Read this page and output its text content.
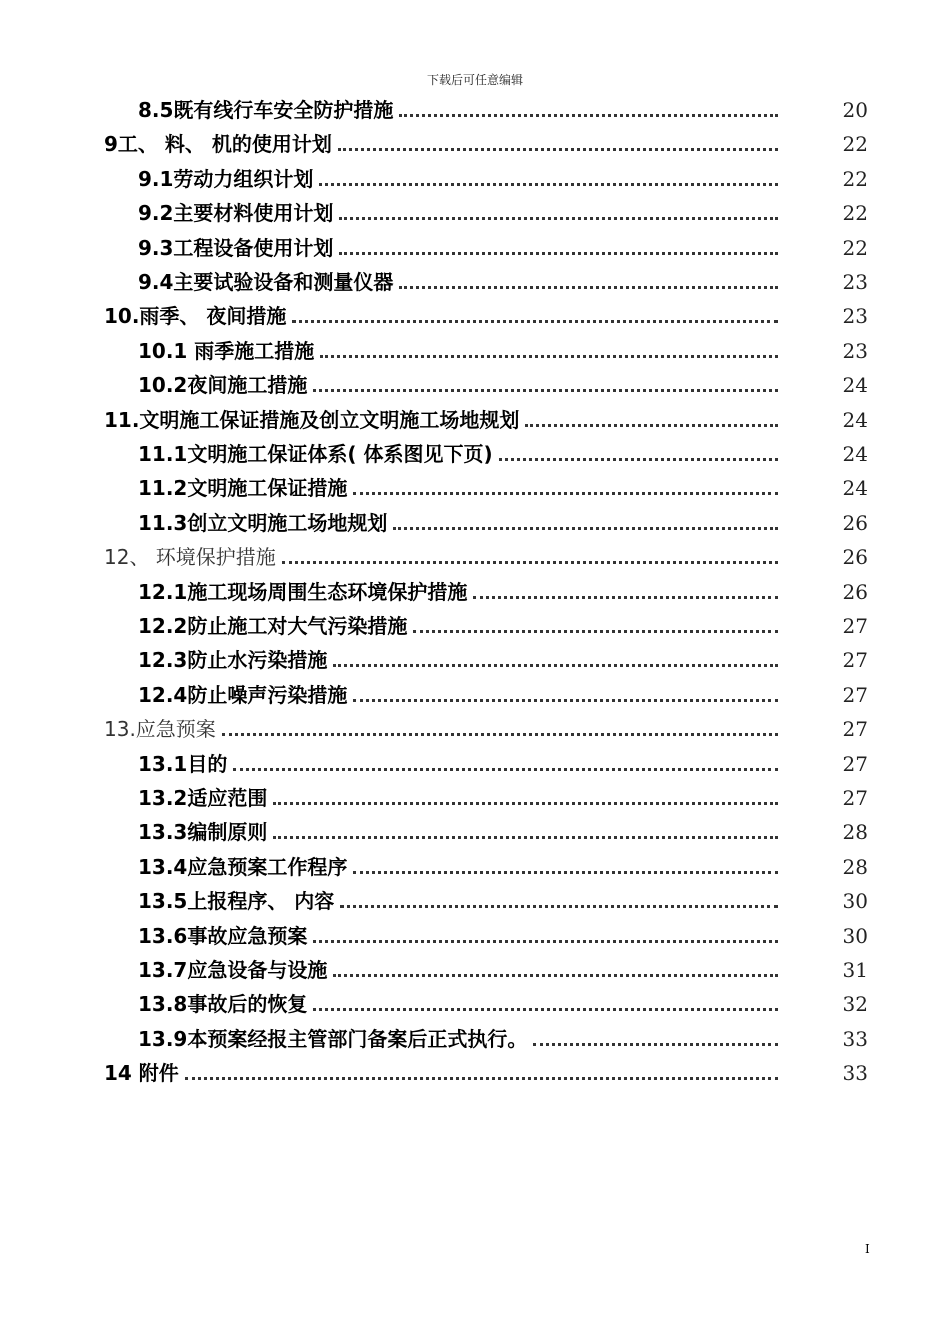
下载后可任意编辑
8.5既有线行车安全防护措施	20
9工、 料、 机的使用计划	22
9.1劳动力组织计划	22
9.2主要材料使用计划	22
9.3工程设备使用计划	22
9.4主要试验设备和测量仪器	23
10.雨季、 夜间措施	23
10.1 雨季施工措施	23
10.2夜间施工措施	24
11.文明施工保证措施及创立文明施工场地规划	24
11.1文明施工保证体系( 体系图见下页)	24
11.2文明施工保证措施	24
11.3创立文明施工场地规划	26
12、 环境保护措施	26
12.1施工现场周围生态环境保护措施	26
12.2防止施工对大气污染措施	27
12.3防止水污染措施	27
12.4防止噪声污染措施	27
13.应急预案	27
13.1目的	27
13.2适应范围	27
13.3编制原则	28
13.4应急预案工作程序	28
13.5上报程序、 内容	30
13.6事故应急预案	30
13.7应急设备与设施	31
13.8事故后的恢复	32
13.9本预案经报主管部门备案后正式执行。	33
14 附件	33
I
